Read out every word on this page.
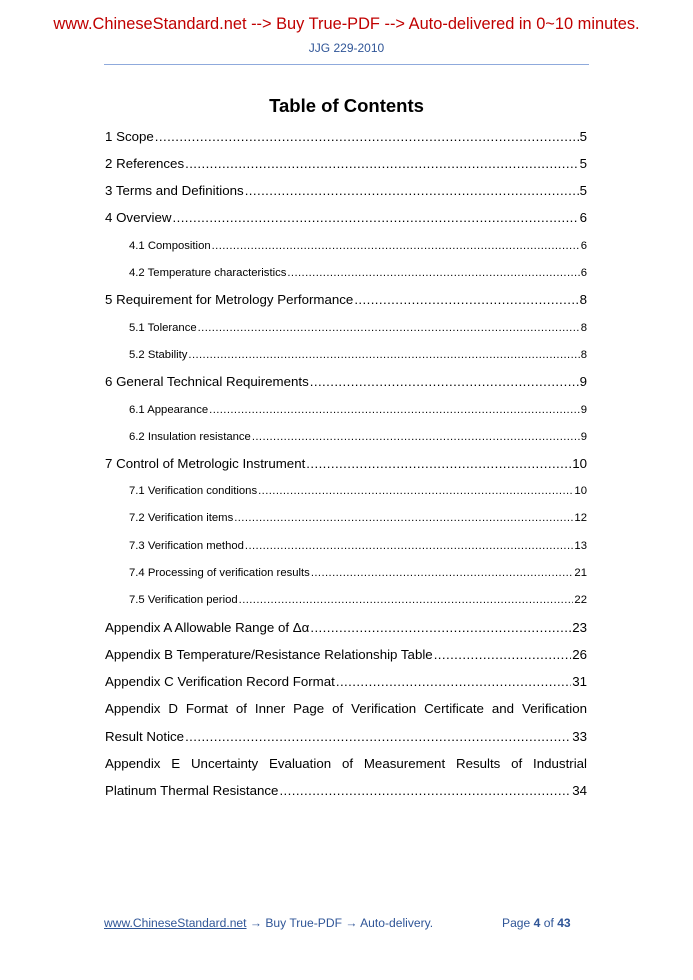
www.ChineseStandard.net --> Buy True-PDF --> Auto-delivered in 0~10 minutes.
JJG 229-2010
Table of Contents
1 Scope .....	5
2 References .....	5
3 Terms and Definitions .....	5
4 Overview .....	6
4.1 Composition .....	6
4.2 Temperature characteristics .....	6
5 Requirement for Metrology Performance .....	8
5.1 Tolerance .....	8
5.2 Stability .....	8
6 General Technical Requirements .....	9
6.1 Appearance .....	9
6.2 Insulation resistance .....	9
7 Control of Metrologic Instrument .....	10
7.1 Verification conditions .....	10
7.2 Verification items .....	12
7.3 Verification method .....	13
7.4 Processing of verification results .....	21
7.5 Verification period .....	22
Appendix A Allowable Range of Δα .....	23
Appendix B Temperature/Resistance Relationship Table .....	26
Appendix C Verification Record Format .....	31
Appendix D Format of Inner Page of Verification Certificate and Verification
Result Notice .....	33
Appendix E Uncertainty Evaluation of Measurement Results of Industrial
Platinum Thermal Resistance .....	34
www.ChineseStandard.net → Buy True-PDF → Auto-delivery.	Page 4 of 43
